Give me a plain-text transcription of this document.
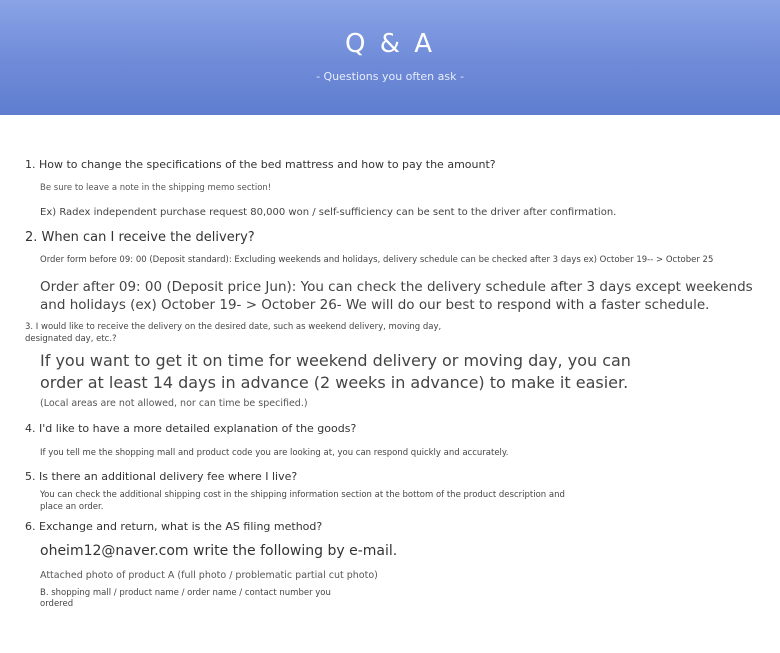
Q & A
- Questions you often ask -
1. How to change the specifications of the bed mattress and how to pay the amount?
Be sure to leave a note in the shipping memo section!
Ex) Radex independent purchase request 80,000 won / self-sufficiency can be sent to the driver after confirmation.
2. When can I receive the delivery?
Order form before 09: 00 (Deposit standard): Excluding weekends and holidays, delivery schedule can be checked after 3 days ex) October 19-- > October 25
Order after 09: 00 (Deposit price Jun): You can check the delivery schedule after 3 days except weekends
and holidays (ex) October 19- > October 26- We will do our best to respond with a faster schedule.
3. I would like to receive the delivery on the desired date, such as weekend delivery, moving day,
designated day, etc.?
If you want to get it on time for weekend delivery or moving day, you can
order at least 14 days in advance (2 weeks in advance) to make it easier.
(Local areas are not allowed, nor can time be specified.)
4. I'd like to have a more detailed explanation of the goods?
If you tell me the shopping mall and product code you are looking at, you can respond quickly and accurately.
5. Is there an additional delivery fee where I live?
You can check the additional shipping cost in the shipping information section at the bottom of the product description and
place an order.
6. Exchange and return, what is the AS filing method?
oheim12@naver.com write the following by e-mail.
Attached photo of product A (full photo / problematic partial cut photo)
B. shopping mall / product name / order name / contact number you
ordered
